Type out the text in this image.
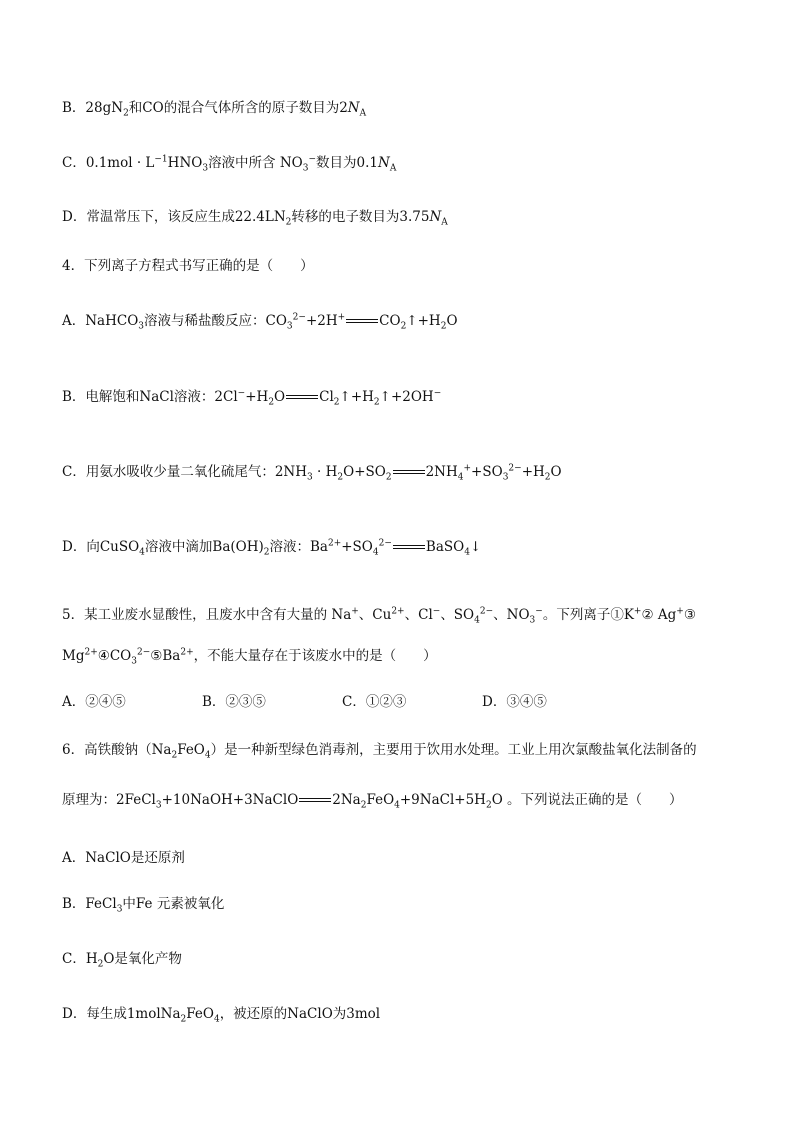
B．$28gN_2$和CO的混合气体所含的原子数目为$2N_A$
C．$0.1mol \cdot L^{-1}HNO_3$溶液中所含 $NO_3^-$数目为$0.1N_A$
D．常温常压下，该反应生成$22.4LN_2$转移的电子数目为$3.75N_A$
4．下列离子方程式书写正确的是（　　）
A．NaHCO$_3$溶液与稀盐酸反应：$CO_3^{2-}+2H^+$	$CO_2↑+H_2O$
B．电解饱和NaCl溶液：$2Cl^-+H_2O$	$Cl_2↑+H_2↑+2OH^-$
C．用氨水吸收少量二氧化硫尾气：$2NH_3 \cdot H_2O+SO_2$	$2NH_4^++SO_3^{2-}+H_2O$
D．向CuSO$_4$溶液中滴加$Ba(OH)_2$溶液：$Ba^{2+}+SO_4^{2-}$	BaSO$_4$↓
5．某工业废水显酸性，且废水中含有大量的 Na+、$Cu^{2+}$、Cl−、$SO_4^{2-}$、$NO_3^-$。下列离子①K+② Ag+③
$Mg^{2+}④CO_3^{2-}⑤Ba^{2+}$，不能大量存在于该废水中的是（　　）
A．②④⑤	B．②③⑤	C．①②③	D．③④⑤
6．高铁酸钠$(Na_2FeO_4)$是一种新型绿色消毒剂，主要用于饮用水处理。工业上用次氯酸盐氧化法制备的
原理为：2FeCl$_3$+10NaOH+3NaClO	$2Na_2FeO_4+9NaCl+5H_2O$ 。下列说法正确的是（　　）
A．NaClO是还原剂
B．FeCl$_3$中Fe 元素被氧化
C．$H_2O$是氧化产物
D．每生成1molNa$_2$FeO$_4$，被还原的NaClO为3mol
